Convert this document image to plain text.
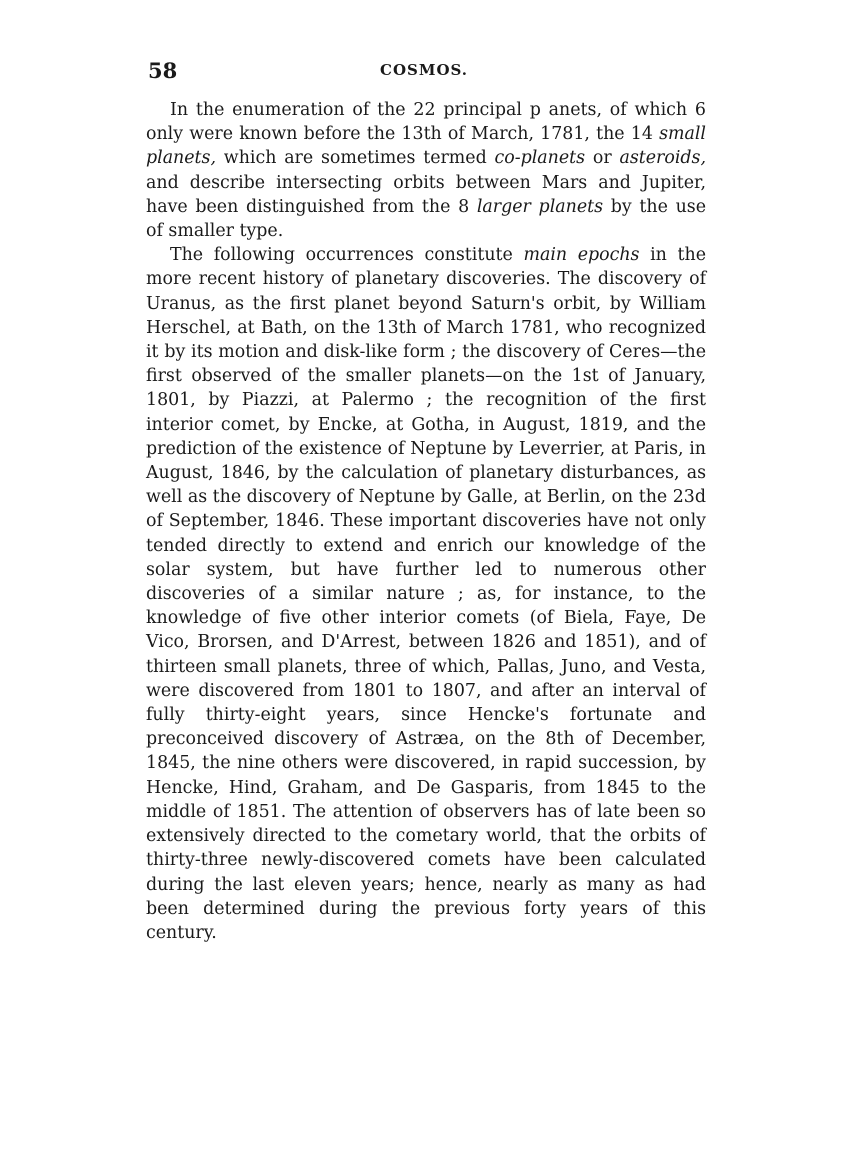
58	COSMOS.

In the enumeration of the 22 principal p anets, of which 6 only were known before the 13th of March, 1781, the 14 small planets, which are sometimes termed co-planets or asteroids, and describe intersecting orbits between Mars and Jupiter, have been distinguished from the 8 larger planets by the use of smaller type.

The following occurrences constitute main epochs in the more recent history of planetary discoveries. The discovery of Uranus, as the first planet beyond Saturn's orbit, by William Herschel, at Bath, on the 13th of March 1781, who recognized it by its motion and disk-like form ; the discovery of Ceres—the first observed of the smaller planets—on the 1st of January, 1801, by Piazzi, at Palermo ; the recognition of the first interior comet, by Encke, at Gotha, in August, 1819, and the prediction of the existence of Neptune by Leverrier, at Paris, in August, 1846, by the calculation of planetary disturbances, as well as the discovery of Neptune by Galle, at Berlin, on the 23d of September, 1846. These important discoveries have not only tended directly to extend and enrich our knowledge of the solar system, but have further led to numerous other discoveries of a similar nature ; as, for instance, to the knowledge of five other interior comets (of Biela, Faye, De Vico, Brorsen, and D'Arrest, between 1826 and 1851), and of thirteen small planets, three of which, Pallas, Juno, and Vesta, were discovered from 1801 to 1807, and after an interval of fully thirty-eight years, since Hencke's fortunate and preconceived discovery of Astræa, on the 8th of December, 1845, the nine others were discovered, in rapid succession, by Hencke, Hind, Graham, and De Gasparis, from 1845 to the middle of 1851. The attention of observers has of late been so extensively directed to the cometary world, that the orbits of thirty-three newly-discovered comets have been calculated during the last eleven years; hence, nearly as many as had been determined during the previous forty years of this century.
